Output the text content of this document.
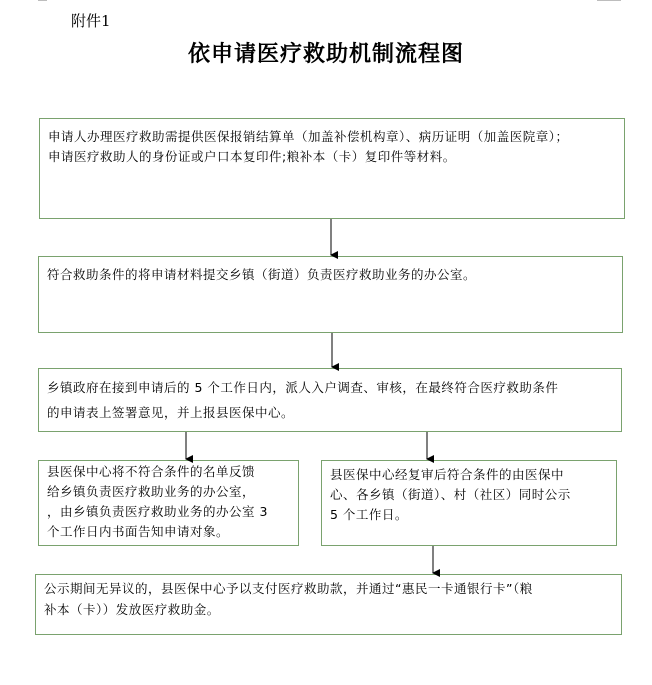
附件1
依申请医疗救助机制流程图

申请人办理医疗救助需提供医保报销结算单（加盖补偿机构章）、病历证明（加盖医院章）；

申请医疗救助人的身份证或户口本复印件;粮补本（卡）复印件等材料。

符合救助条件的将申请材料提交乡镇（街道）负责医疗救助业务的办公室。

乡镇政府在接到申请后的 5 个工作日内，派人入户调查、审核，在最终符合医疗救助条件

的申请表上签署意见，并上报县医保中心。

县医保中心将不符合条件的名单反馈

给乡镇负责医疗救助业务的办公室，

，由乡镇负责医疗救助业务的办公室 3

个工作日内书面告知申请对象。

县医保中心经复审后符合条件的由医保中

心、各乡镇（街道）、村（社区）同时公示

5 个工作日。

公示期间无异议的，县医保中心予以支付医疗救助款，并通过“惠民一卡通银行卡”（粮

补本（卡））发放医疗救助金。
